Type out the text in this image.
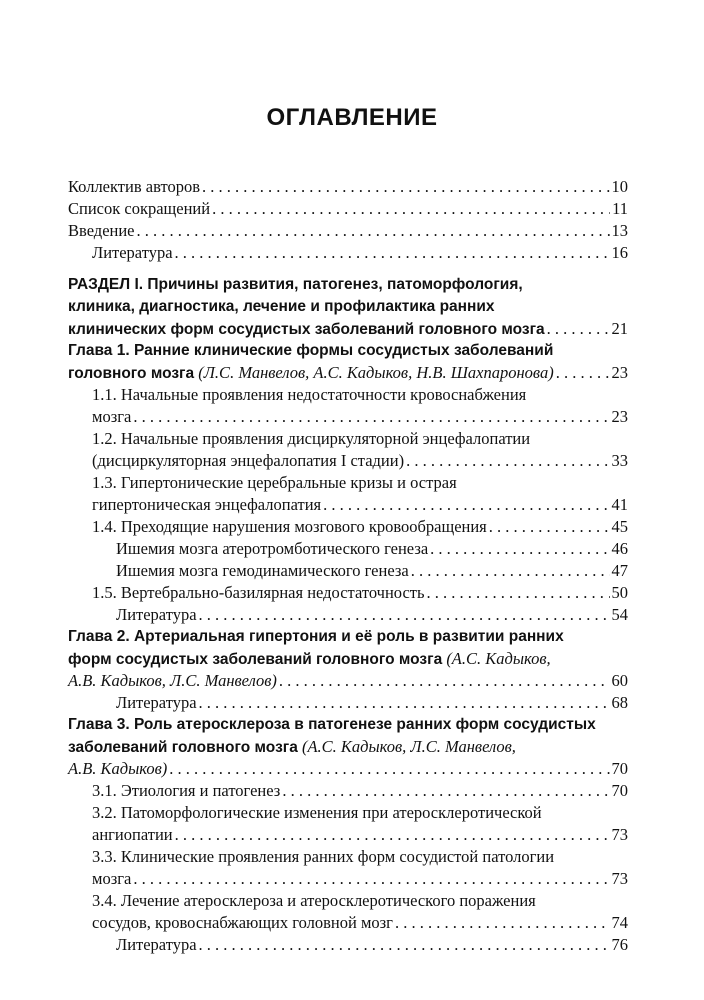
ОГЛАВЛЕНИЕ
Коллектив авторов . . .	10
Список сокращений . . .	11
Введение . . .	13
Литература . . .	16
РАЗДЕЛ I. Причины развития, патогенез, патоморфология,
клиника, диагностика, лечение и профилактика ранних
клинических форм сосудистых заболеваний головного мозга . . .	21
Глава 1. Ранние клинические формы сосудистых заболеваний
головного мозга
(Л.С. Манвелов, А.С. Кадыков, Н.В. Шахпаронова) . . .	23
1.1. Начальные проявления недостаточности кровоснабжения
мозга . . .	23
1.2. Начальные проявления дисциркуляторной энцефалопатии
(дисциркуляторная энцефалопатия I стадии) . . .	33
1.3. Гипертонические церебральные кризы и острая
гипертоническая энцефалопатия . . .	41
1.4. Преходящие нарушения мозгового кровообращения . . .	45
Ишемия мозга атеротромботического генеза . . .	46
Ишемия мозга гемодинамического генеза . . .	47
1.5. Вертебрально-базилярная недостаточность . . .	50
Литература . . .	54
Глава 2. Артериальная гипертония и её роль в развитии ранних
форм сосудистых заболеваний головного мозга (А.С. Кадыков,
А.В. Кадыков, Л.С. Манвелов) . . .	60
Литература . . .	68
Глава 3. Роль атеросклероза в патогенезе ранних форм сосудистых
заболеваний головного мозга (А.С. Кадыков, Л.С. Манвелов,
А.В. Кадыков) . . .	70
3.1. Этиология и патогенез . . .	70
3.2. Патоморфологические изменения при атеросклеротической
ангиопатии . . .	73
3.3. Клинические проявления ранних форм сосудистой патологии
мозга . . .	73
3.4. Лечение атеросклероза и атеросклеротического поражения
сосудов, кровоснабжающих головной мозг . . .	74
Литература . . .	76
